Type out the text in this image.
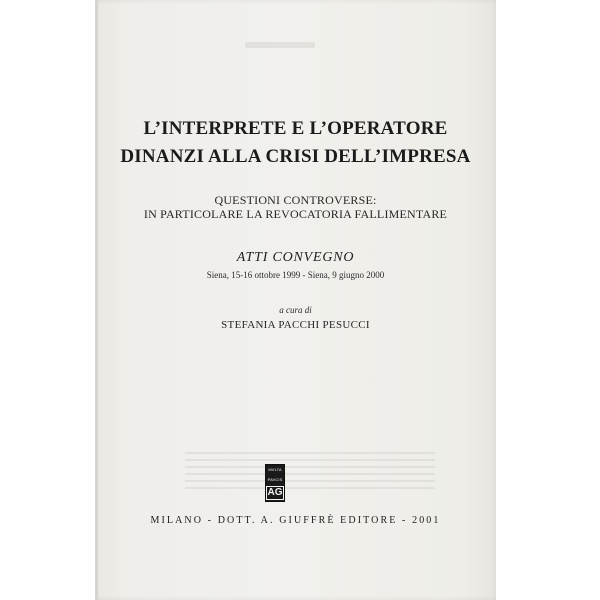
L’INTERPRETE E L’OPERATORE
DINANZI ALLA CRISI DELL’IMPRESA
QUESTIONI CONTROVERSE:
IN PARTICOLARE LA REVOCATORIA FALLIMENTARE
ATTI CONVEGNO
Siena, 15-16 ottobre 1999 - Siena, 9 giugno 2000
a cura di
STEFANIA PACCHI PESUCCI
MVLTA
PAVCIS
AG
MILANO - DOTT. A. GIUFFRÈ EDITORE - 2001
